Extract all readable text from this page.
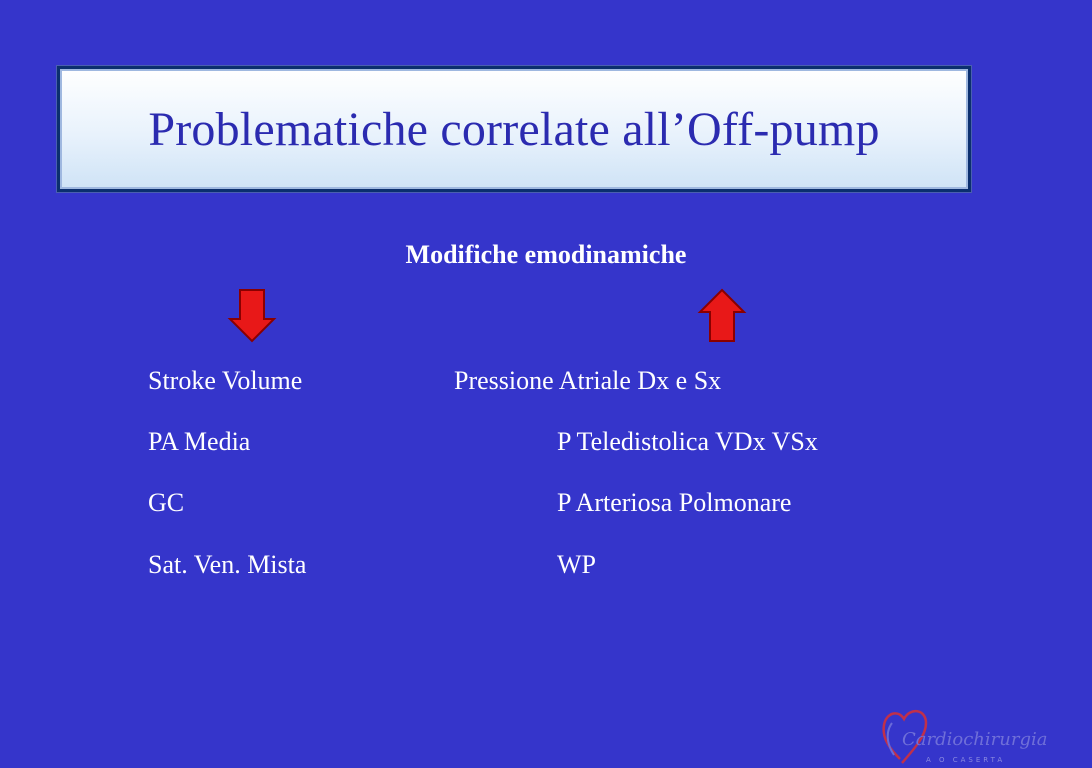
Problematiche correlate all’Off-pump
Modifiche emodinamiche
Stroke Volume
PA Media
GC
Sat. Ven. Mista
Pressione Atriale Dx e Sx
P Teledistolica VDx VSx
P Arteriosa Polmonare
WP
Cardiochirurgia
A O CASERTA
